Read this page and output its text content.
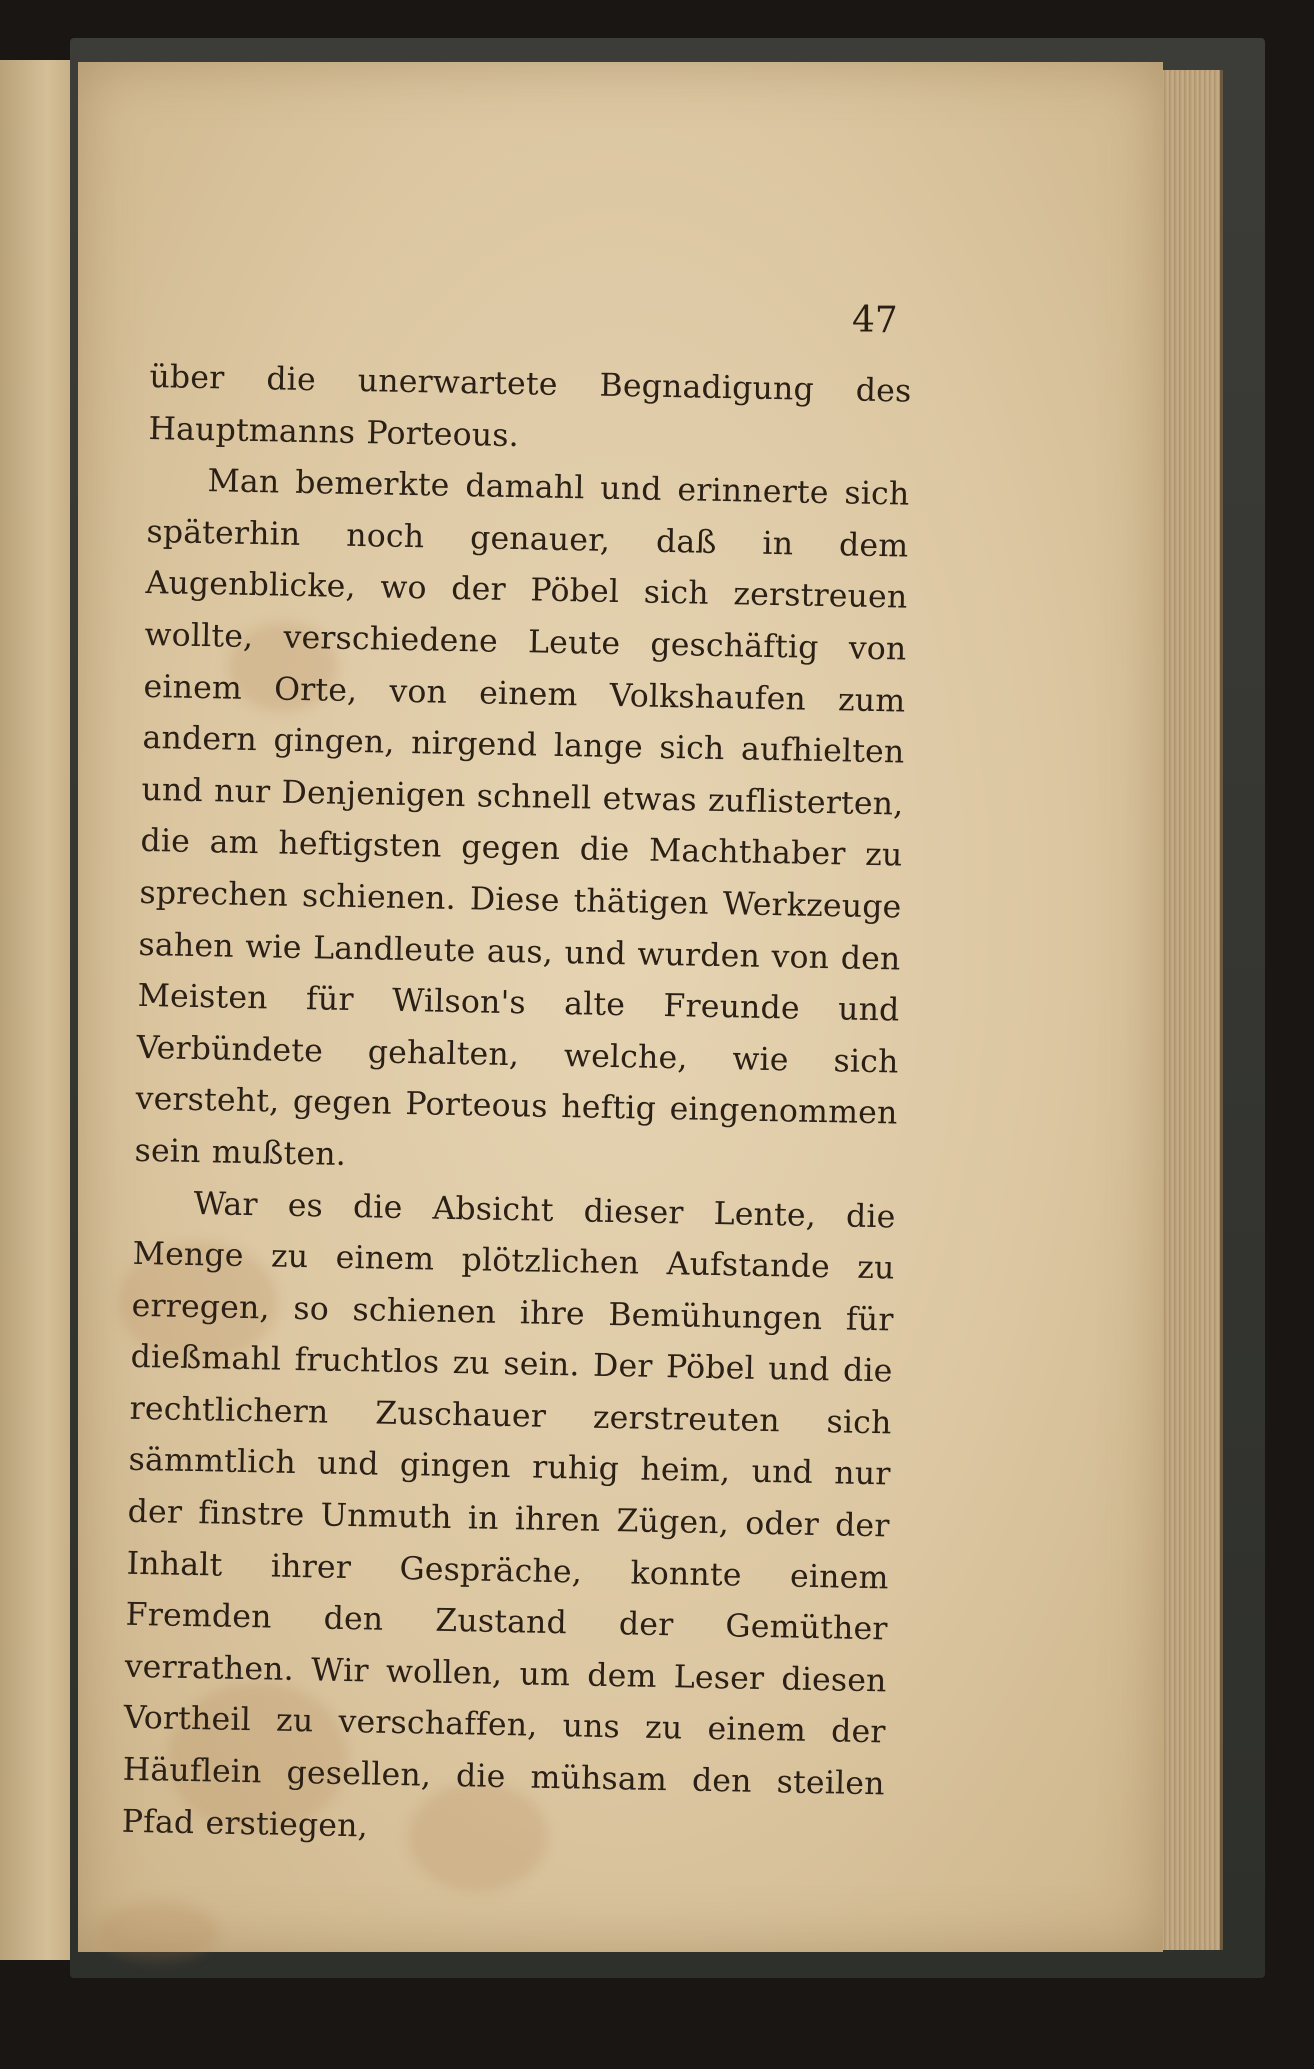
47

über die unerwartete Begnadigung des Hauptmanns Porteous.

Man bemerkte damahl und erinnerte sich späterhin noch genauer, daß in dem Augenblicke, wo der Pöbel sich zerstreuen wollte, verschiedene Leute geschäftig von einem Orte, von einem Volkshaufen zum andern gingen, nirgend lange sich aufhielten und nur Denjenigen schnell etwas zuflisterten, die am heftigsten gegen die Machthaber zu sprechen schienen. Diese thätigen Werkzeuge sahen wie Landleute aus, und wurden von den Meisten für Wilson's alte Freunde und Verbündete gehalten, welche, wie sich versteht, gegen Porteous heftig eingenommen sein mußten.

War es die Absicht dieser Lente, die Menge zu einem plötzlichen Aufstande zu erregen, so schienen ihre Bemühungen für dießmahl fruchtlos zu sein. Der Pöbel und die rechtlichern Zuschauer zerstreuten sich sämmtlich und gingen ruhig heim, und nur der finstre Unmuth in ihren Zügen, oder der Inhalt ihrer Gespräche, konnte einem Fremden den Zustand der Gemüther verrathen. Wir wollen, um dem Leser diesen Vortheil zu verschaffen, uns zu einem der Häuflein gesellen, die mühsam den steilen Pfad erstiegen,
